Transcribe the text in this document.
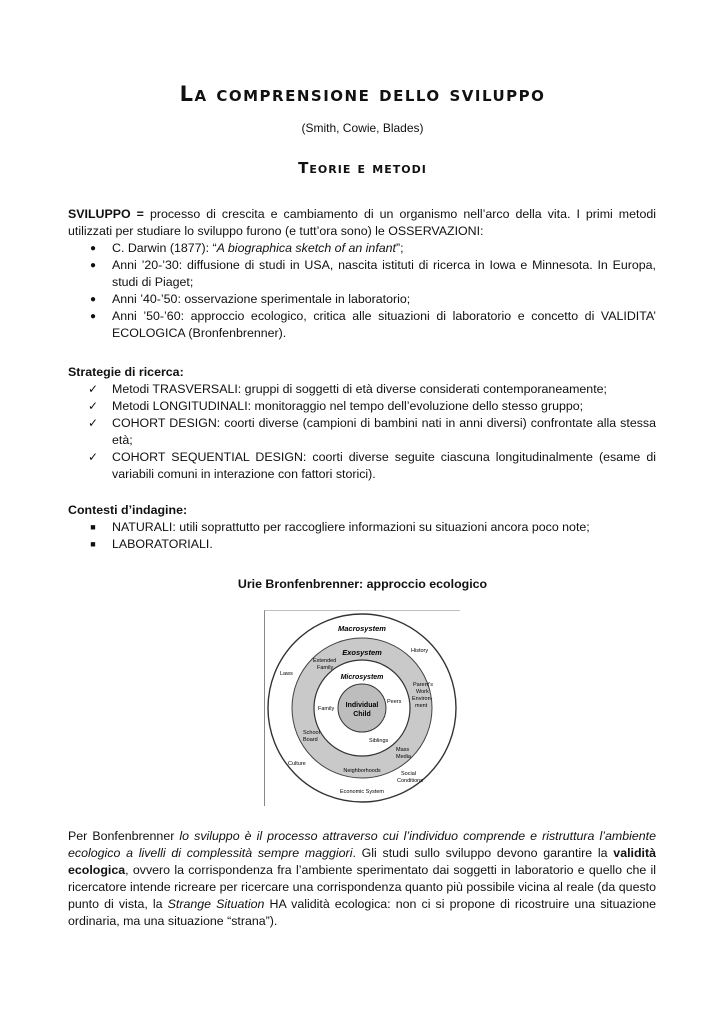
La comprensione dello sviluppo
(Smith, Cowie, Blades)
Teorie e metodi

SVILUPPO = processo di crescita e cambiamento di un organismo nell’arco della vita. I primi metodi utilizzati per studiare lo sviluppo furono (e tutt’ora sono) le OSSERVAZIONI:

●	C. Darwin (1877): “A biographica sketch of an infant”;
●	Anni ’20-’30: diffusione di studi in USA, nascita istituti di ricerca in Iowa e Minnesota. In Europa, studi di Piaget;
●	Anni ’40-’50: osservazione sperimentale in laboratorio;
●	Anni ’50-’60: approccio ecologico, critica alle situazioni di laboratorio e concetto di VALIDITA’ ECOLOGICA (Bronfenbrenner).

Strategie di ricerca:

✓ Metodi TRASVERSALI: gruppi di soggetti di età diverse considerati contemporaneamente;
✓ Metodi LONGITUDINALI: monitoraggio nel tempo dell’evoluzione dello stesso gruppo;
✓ COHORT DESIGN: coorti diverse (campioni di bambini nati in anni diversi) confrontate alla stessa età;
✓ COHORT SEQUENTIAL DESIGN: coorti diverse seguite ciascuna longitudinalmente (esame di variabili comuni in interazione con fattori storici).

Contesti d’indagine:

■	NATURALI: utili soprattutto per raccogliere informazioni su situazioni ancora poco note;
■	LABORATORIALI.
Urie Bronfenbrenner: approccio ecologico
Macrosystem
Exosystem
Microsystem
Individual
Child
History
Laws
Extended
Family
Family
Peers
Parent's
Work
Environ-
ment
Siblings
School
Board
Mass
Media
Culture
Neighborhoods	Social
Conditions
Economic System

Per Bonfenbrenner lo sviluppo è il processo attraverso cui l’individuo comprende e ristruttura l’ambiente ecologico a livelli di complessità sempre maggiori. Gli studi sullo sviluppo devono garantire la validità ecologica, ovvero la corrispondenza fra l’ambiente sperimentato dai soggetti in laboratorio e quello che il ricercatore intende ricreare per ricercare una corrispondenza quanto più possibile vicina al reale (da questo punto di vista, la Strange Situation HA validità ecologica: non ci si propone di ricostruire una situazione ordinaria, ma una situazione “strana”).
